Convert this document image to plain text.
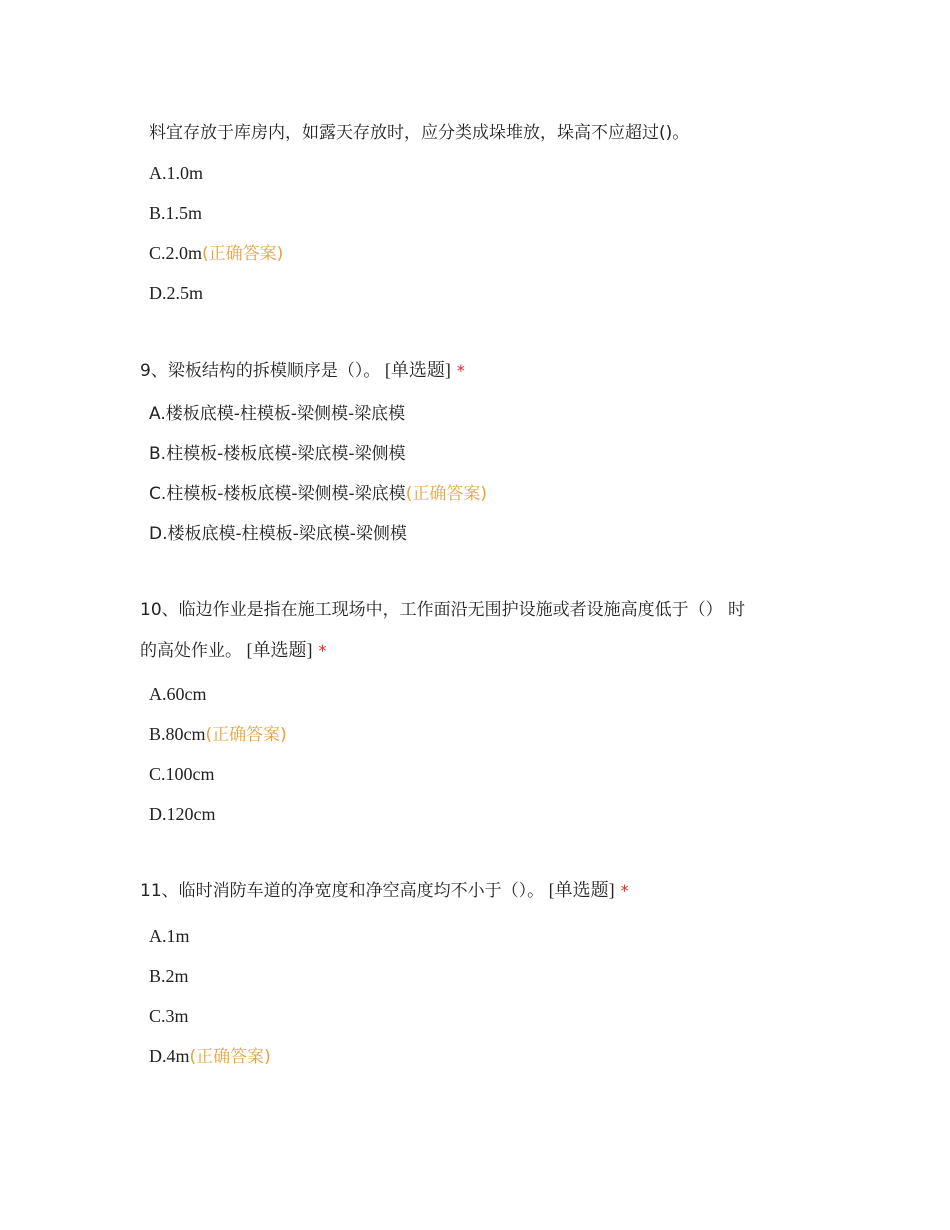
料宜存放于库房内，如露天存放时，应分类成垛堆放，垛高不应超过()。
A.1.0m
B.1.5m
C.2.0m(正确答案)
D.2.5m
9、梁板结构的拆模顺序是（）。 [单选题] *
A.楼板底模-柱模板-梁侧模-梁底模
B.柱模板-楼板底模-梁底模-梁侧模
C.柱模板-楼板底模-梁侧模-梁底模(正确答案)
D.楼板底模-柱模板-梁底模-梁侧模
10、临边作业是指在施工现场中，工作面沿无围护设施或者设施高度低于（） 时
的高处作业。 [单选题] *
A.60cm
B.80cm(正确答案)
C.100cm
D.120cm
11、临时消防车道的净宽度和净空高度均不小于（）。 [单选题] *
A.1m
B.2m
C.3m
D.4m(正确答案)
